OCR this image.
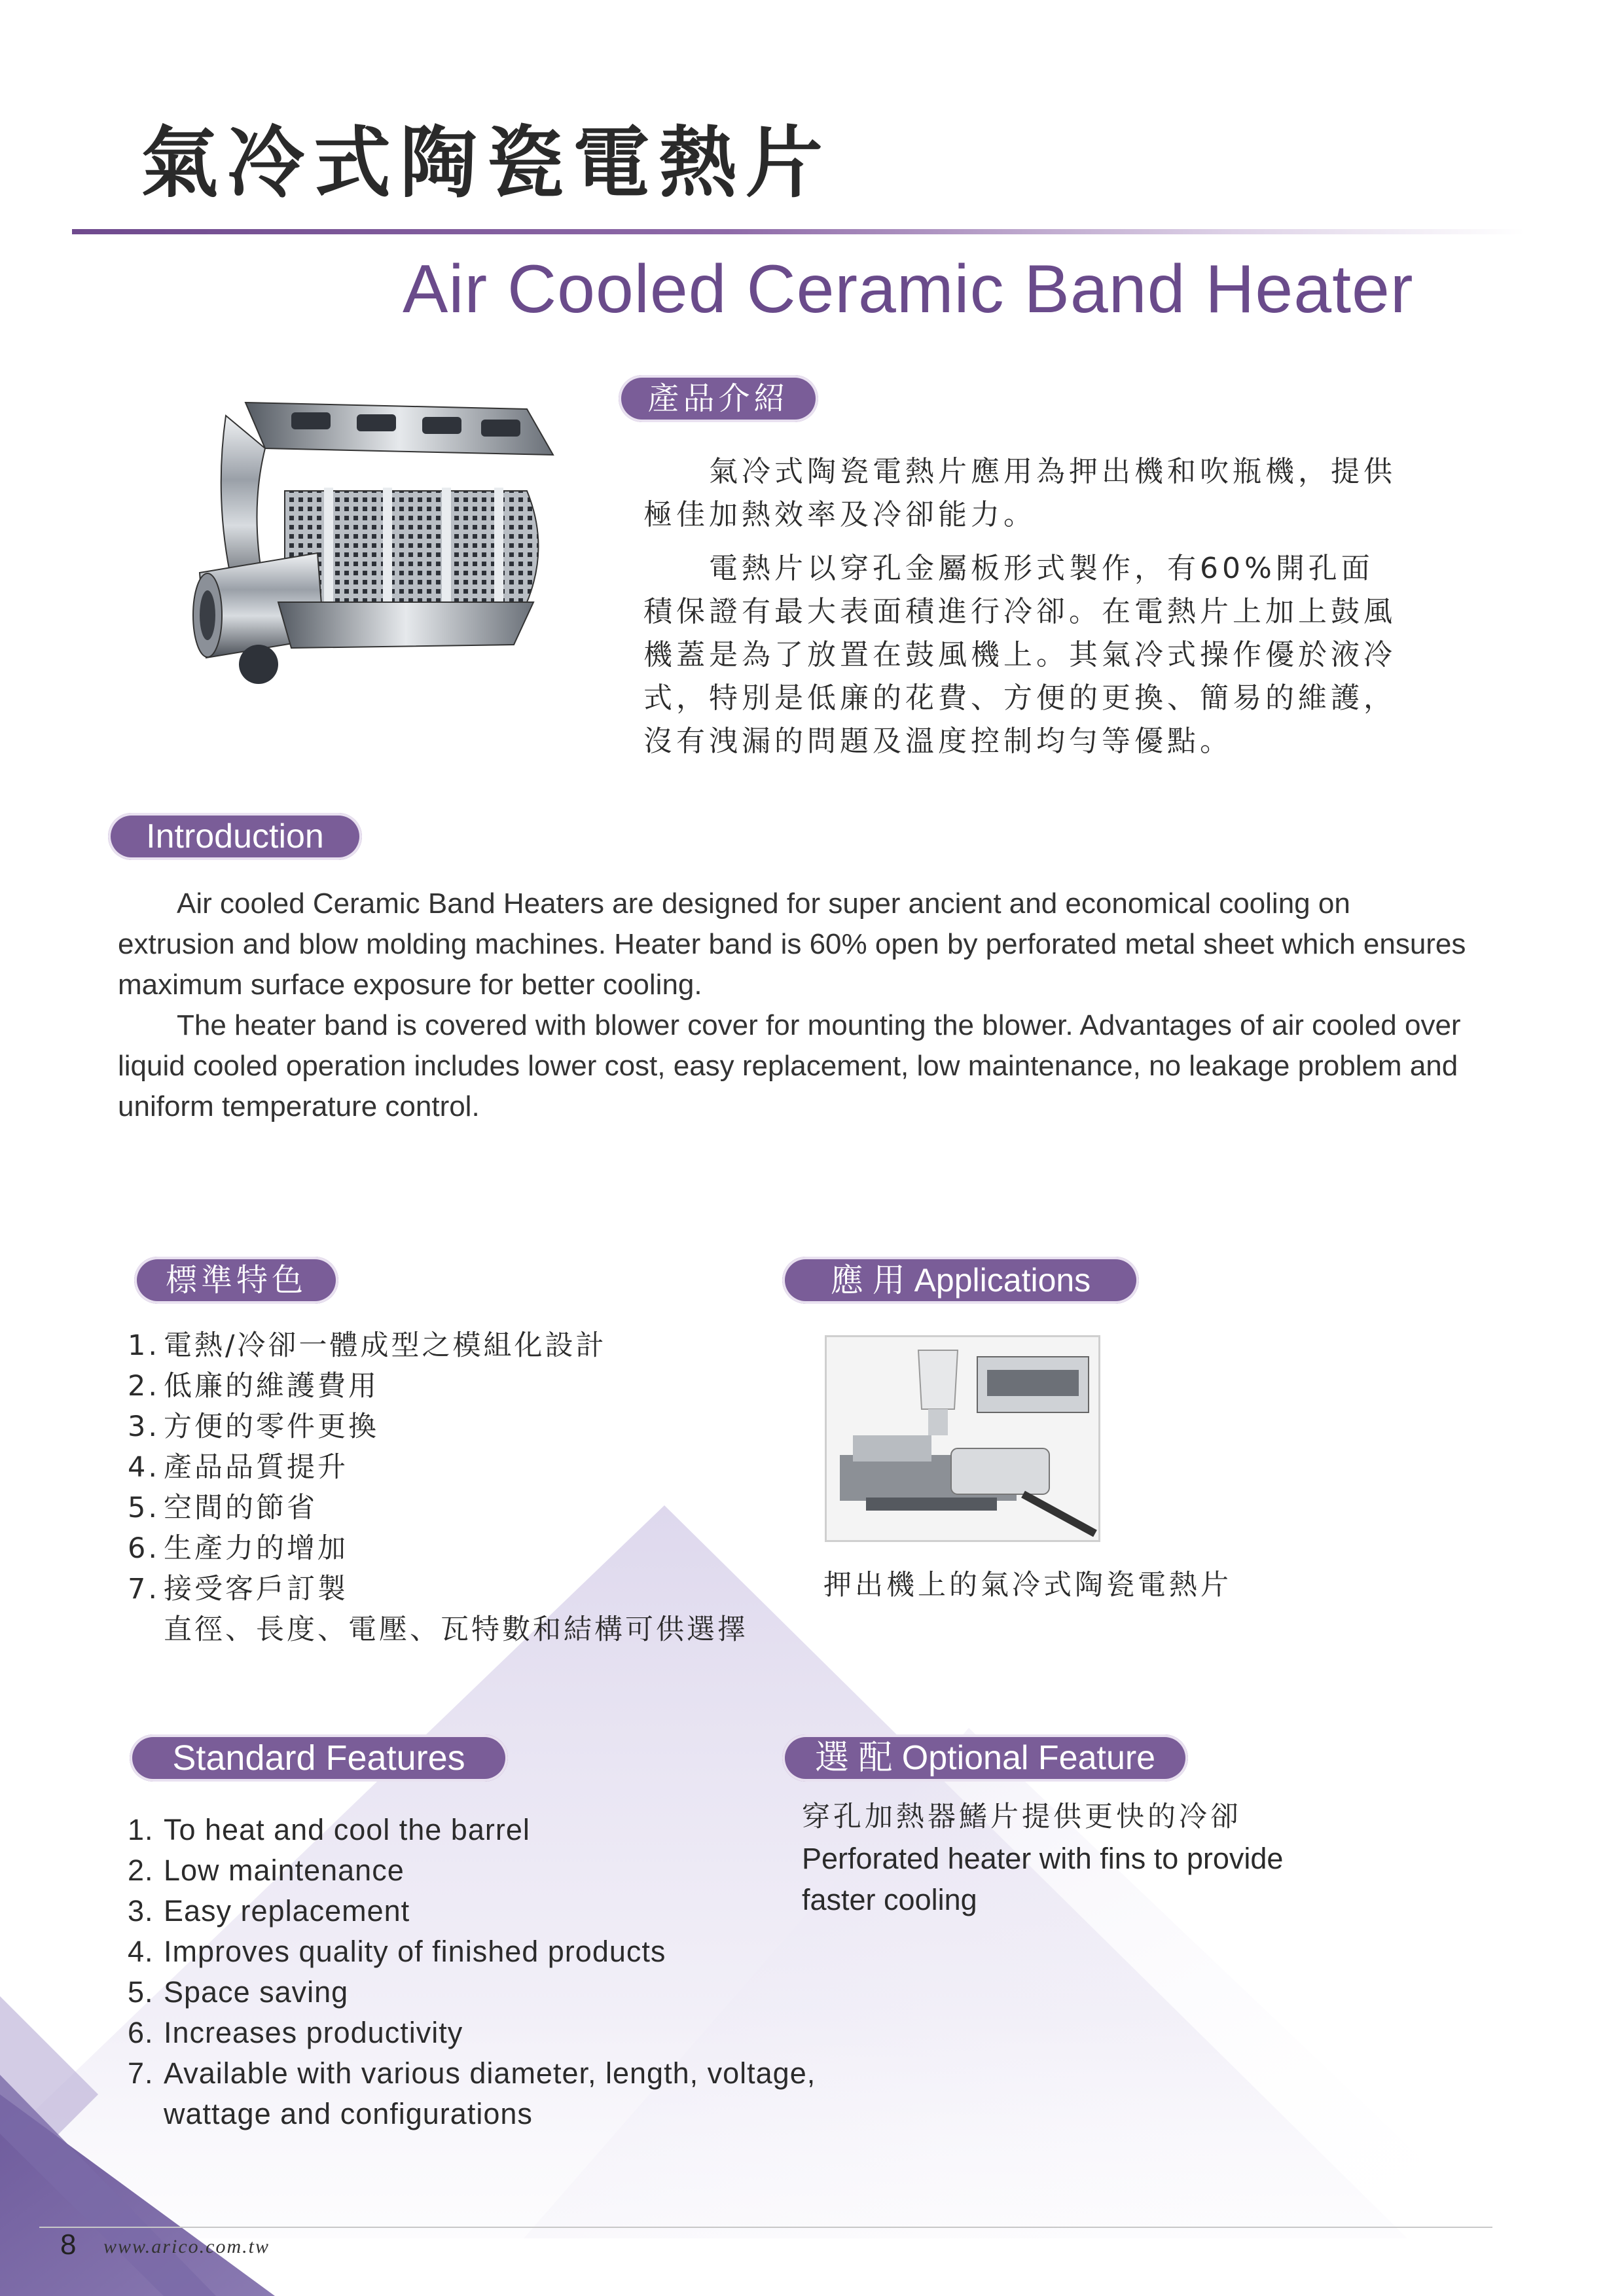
氣冷式陶瓷電熱片
Air Cooled Ceramic Band Heater
產品介紹

氣冷式陶瓷電熱片應用為押出機和吹瓶機，提供極佳加熱效率及冷卻能力。

電熱片以穿孔金屬板形式製作，有60%開孔面積保證有最大表面積進行冷卻。在電熱片上加上鼓風機蓋是為了放置在鼓風機上。其氣冷式操作優於液冷式，特別是低廉的花費、方便的更換、簡易的維護，沒有洩漏的問題及溫度控制均勻等優點。

Introduction

Air cooled Ceramic Band Heaters are designed for super ancient and economical cooling on extrusion and blow molding machines. Heater band is 60% open by perforated metal sheet which ensures maximum surface exposure for better cooling.

The heater band is covered with blower cover for mounting the blower. Advantages of air cooled over liquid cooled operation includes lower cost, easy replacement, low maintenance, no leakage problem and uniform temperature control.

標準特色
1. 電熱/冷卻一體成型之模組化設計
2. 低廉的維護費用
3. 方便的零件更換
4. 產品品質提升
5. 空間的節省
6. 生產力的增加
7. 接受客戶訂製
直徑、長度、電壓、瓦特數和結構可供選擇
應 用 Applications
押出機上的氣冷式陶瓷電熱片
Standard Features
1. To heat and cool the barrel
2. Low maintenance
3. Easy replacement
4. Improves quality of finished products
5. Space saving
6. Increases productivity
7. Available with various diameter, length, voltage, wattage and configurations
選 配 Optional Feature
穿孔加熱器鰭片提供更快的冷卻
Perforated heater with fins to provide
faster cooling
8 www.arico.com.tw
